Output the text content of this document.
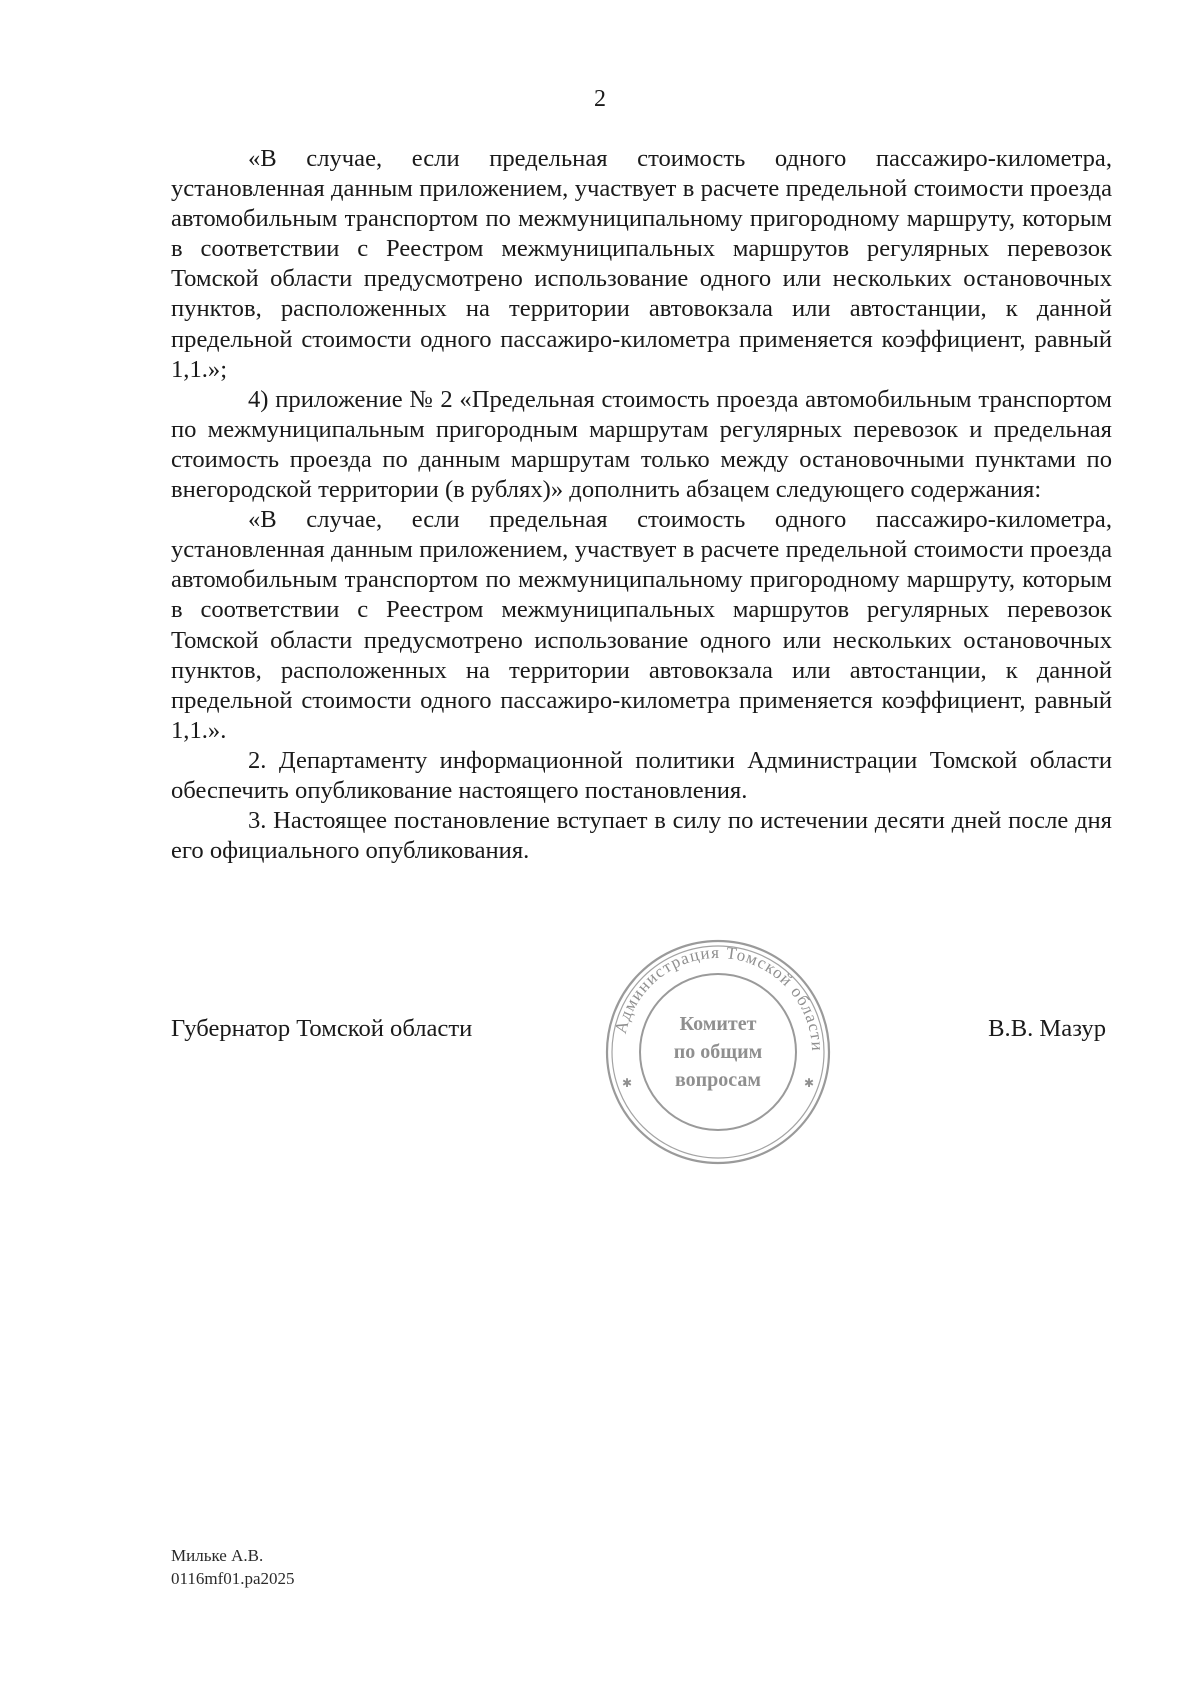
2

«В случае, если предельная стоимость одного пассажиро-километра, установленная данным приложением, участвует в расчете предельной стоимости проезда автомобильным транспортом по межмуниципальному пригородному маршруту, которым в соответствии с Реестром межмуниципальных маршрутов регулярных перевозок Томской области предусмотрено использование одного или нескольких остановочных пунктов, расположенных на территории автовокзала или автостанции, к данной предельной стоимости одного пассажиро-километра применяется коэффициент, равный 1,1.»;

4) приложение № 2 «Предельная стоимость проезда автомобильным транспортом по межмуниципальным пригородным маршрутам регулярных перевозок и предельная стоимость проезда по данным маршрутам только между остановочными пунктами по внегородской территории (в рублях)» дополнить абзацем следующего содержания:

«В случае, если предельная стоимость одного пассажиро-километра, установленная данным приложением, участвует в расчете предельной стоимости проезда автомобильным транспортом по межмуниципальному пригородному маршруту, которым в соответствии с Реестром межмуниципальных маршрутов регулярных перевозок Томской области предусмотрено использование одного или нескольких остановочных пунктов, расположенных на территории автовокзала или автостанции, к данной предельной стоимости одного пассажиро-километра применяется коэффициент, равный 1,1.».

2. Департаменту информационной политики Администрации Томской области обеспечить опубликование настоящего постановления.

3. Настоящее постановление вступает в силу по истечении десяти дней после дня его официального опубликования.

Губернатор Томской области	В.В. Мазур
Администрация Томской области
✱	✱
Комитет
по общим
вопросам
Мильке А.В.
0116mf01.pa2025
